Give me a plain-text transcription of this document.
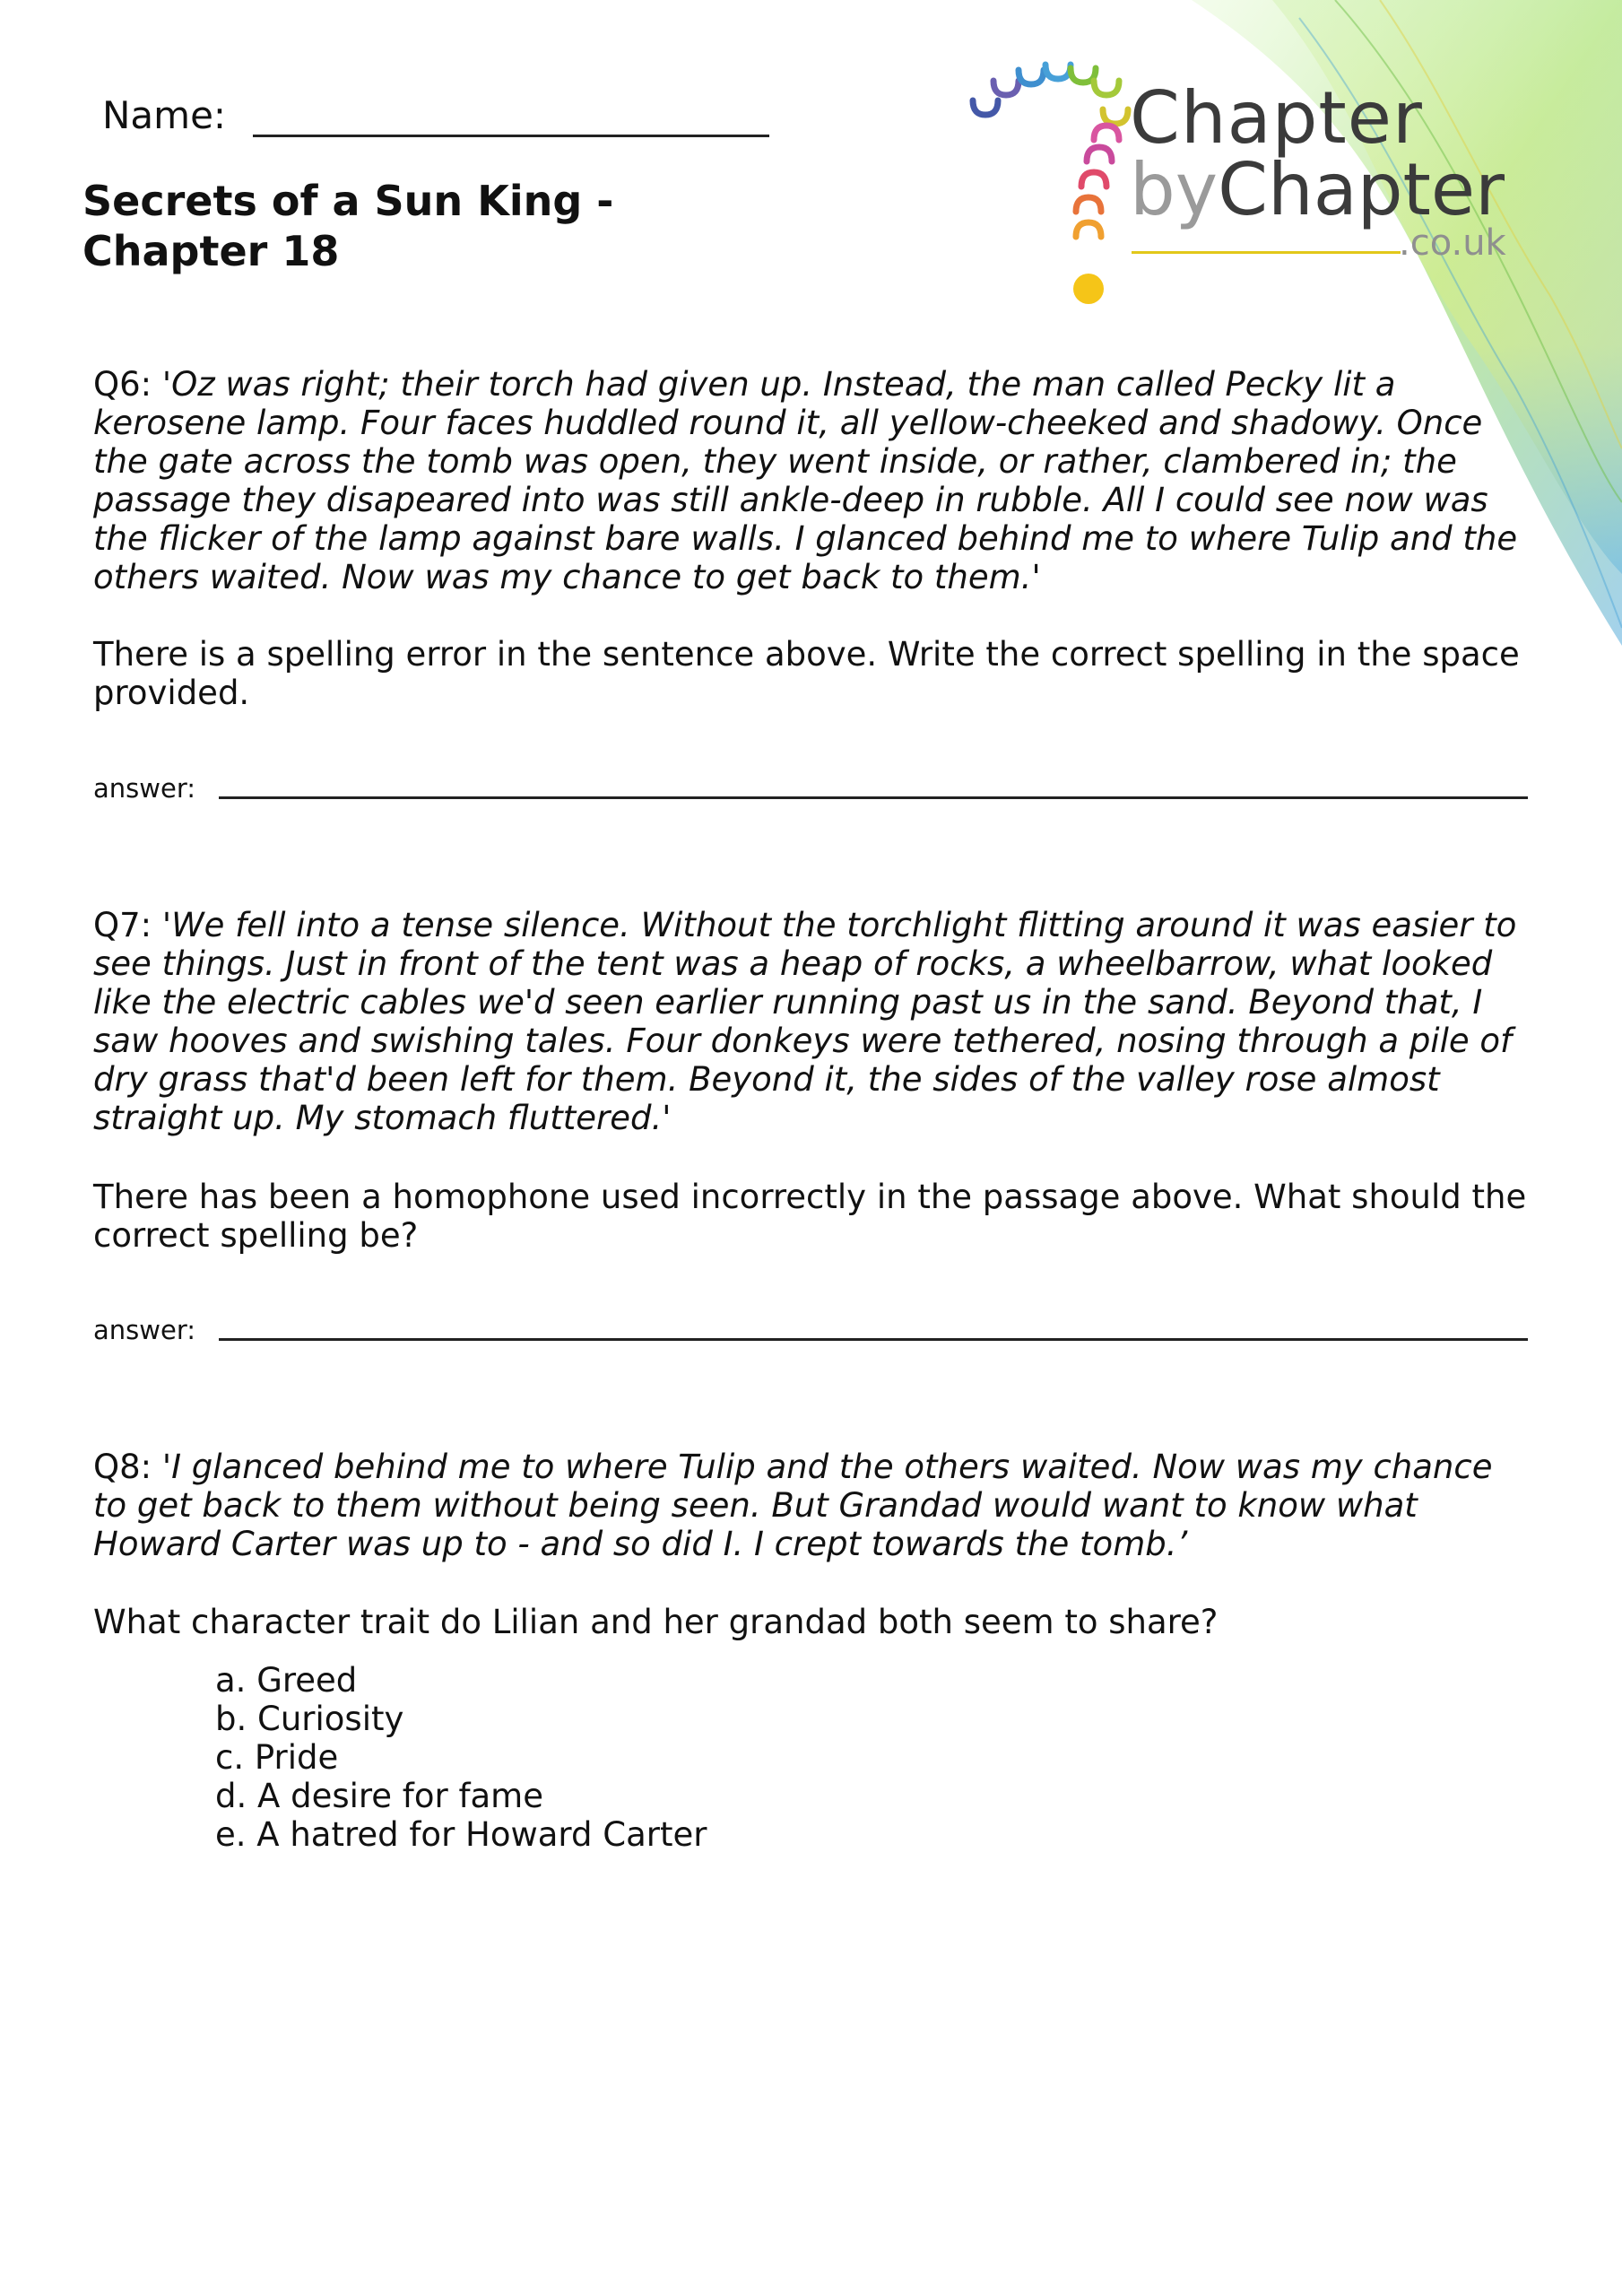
Chapter
byChapter
.co.uk
Name:
Secrets of a Sun King -
Chapter 18
Q6: 'Oz was right; their torch had given up. Instead, the man called Pecky lit a kerosene lamp. Four faces huddled round it, all yellow-cheeked and shadowy. Once the gate across the tomb was open, they went inside, or rather, clambered in; the passage they disapeared into was still ankle-deep in rubble. All I could see now was the flicker of the lamp against bare walls. I glanced behind me to where Tulip and the others waited. Now was my chance to get back to them.'
There is a spelling error in the sentence above. Write the correct spelling in the space provided.
answer:
Q7: 'We fell into a tense silence. Without the torchlight flitting around it was easier to see things. Just in front of the tent was a heap of rocks, a wheelbarrow, what looked like the electric cables we'd seen earlier running past us in the sand. Beyond that, I saw hooves and swishing tales. Four donkeys were tethered, nosing through a pile of dry grass that'd been left for them. Beyond it, the sides of the valley rose almost straight up. My stomach fluttered.'
There has been a homophone used incorrectly in the passage above. What should the correct spelling be?
answer:
Q8: 'I glanced behind me to where Tulip and the others waited. Now was my chance to get back to them without being seen. But Grandad would want to know what Howard Carter was up to - and so did I. I crept towards the tomb.’
What character trait do Lilian and her grandad both seem to share?
a. Greed
b. Curiosity
c. Pride
d. A desire for fame
e. A hatred for Howard Carter
